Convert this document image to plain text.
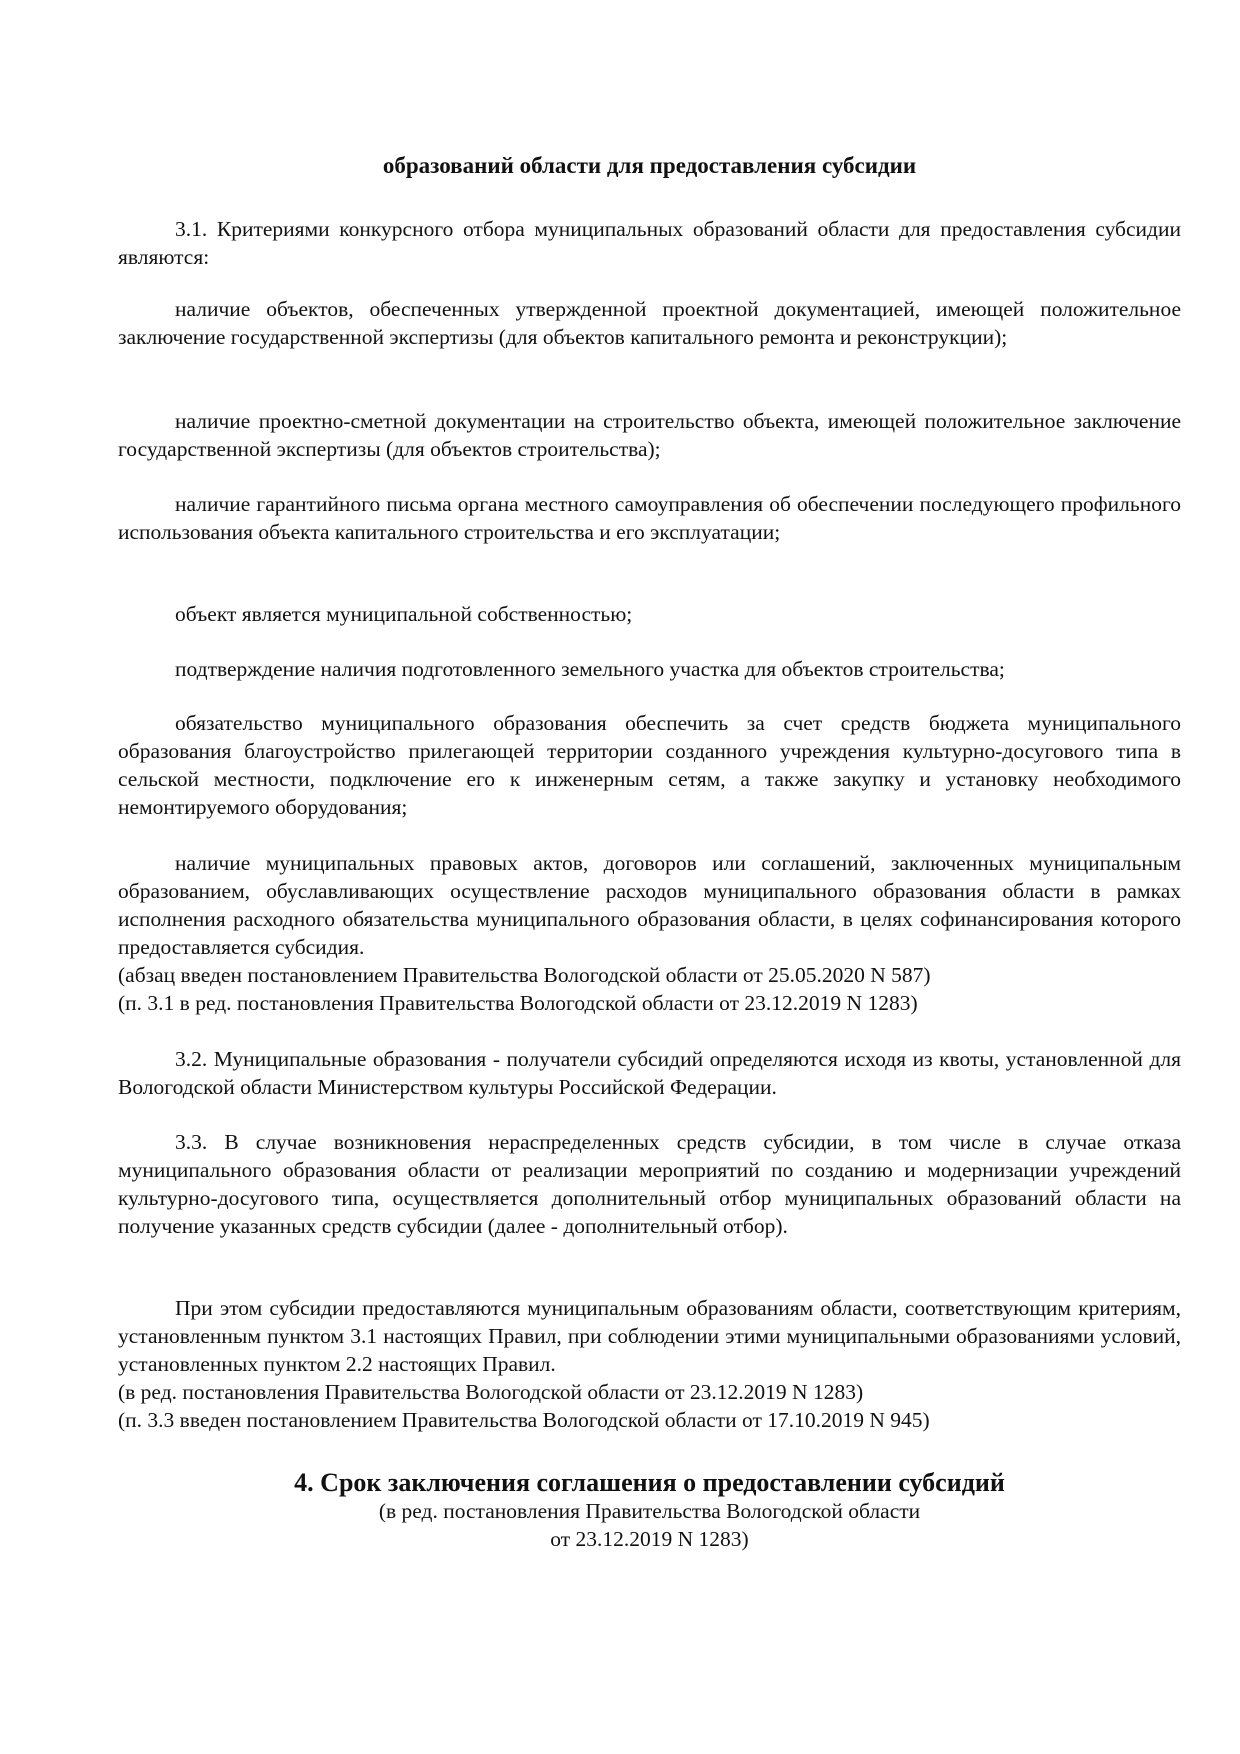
образований области для предоставления субсидии

3.1. Критериями конкурсного отбора муниципальных образований области для предоставления субсидии являются:

наличие объектов, обеспеченных утвержденной проектной документацией, имеющей положительное заключение государственной экспертизы (для объектов капитального ремонта и реконструкции);

наличие проектно-сметной документации на строительство объекта, имеющей положительное заключение государственной экспертизы (для объектов строительства);

наличие гарантийного письма органа местного самоуправления об обеспечении последующего профильного использования объекта капитального строительства и его эксплуатации;

объект является муниципальной собственностью;

подтверждение наличия подготовленного земельного участка для объектов строительства;

обязательство муниципального образования обеспечить за счет средств бюджета муниципального образования благоустройство прилегающей территории созданного учреждения культурно-досугового типа в сельской местности, подключение его к инженерным сетям, а также закупку и установку необходимого немонтируемого оборудования;

наличие муниципальных правовых актов, договоров или соглашений, заключенных муниципальным образованием, обуславливающих осуществление расходов муниципального образования области в рамках исполнения расходного обязательства муниципального образования области, в целях софинансирования которого предоставляется субсидия.

(абзац введен постановлением Правительства Вологодской области от 25.05.2020 N 587)

(п. 3.1 в ред. постановления Правительства Вологодской области от 23.12.2019 N 1283)

3.2. Муниципальные образования - получатели субсидий определяются исходя из квоты, установленной для Вологодской области Министерством культуры Российской Федерации.

3.3. В случае возникновения нераспределенных средств субсидии, в том числе в случае отказа муниципального образования области от реализации мероприятий по созданию и модернизации учреждений культурно-досугового типа, осуществляется дополнительный отбор муниципальных образований области на получение указанных средств субсидии (далее - дополнительный отбор).

При этом субсидии предоставляются муниципальным образованиям области, соответствующим критериям, установленным пунктом 3.1 настоящих Правил, при соблюдении этими муниципальными образованиями условий, установленных пунктом 2.2 настоящих Правил.

(в ред. постановления Правительства Вологодской области от 23.12.2019 N 1283)

(п. 3.3 введен постановлением Правительства Вологодской области от 17.10.2019 N 945)

4. Срок заключения соглашения о предоставлении субсидий

(в ред. постановления Правительства Вологодской области

от 23.12.2019 N 1283)
